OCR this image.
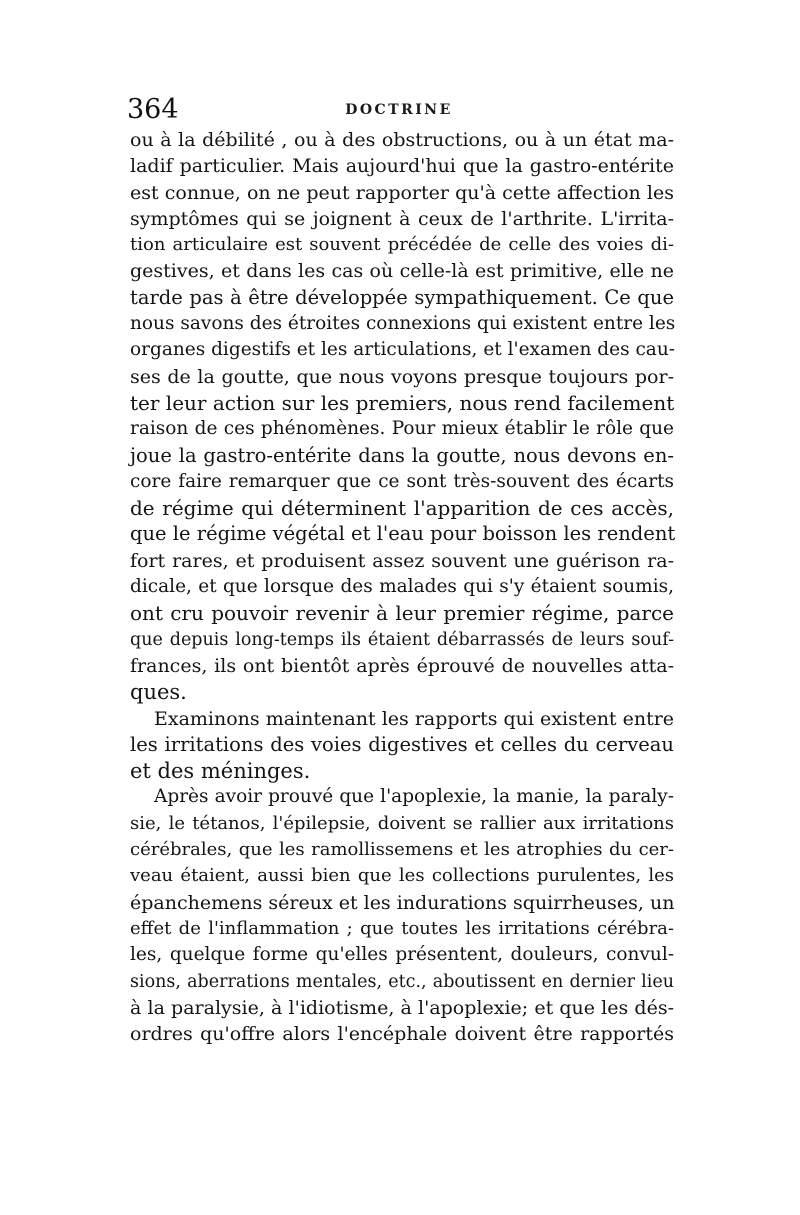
364	DOCTRINE
ou à la débilité , ou à des obstructions, ou à un état ma-
ladif particulier. Mais aujourd'hui que la gastro-entérite
est connue, on ne peut rapporter qu'à cette affection les
symptômes qui se joignent à ceux de l'arthrite. L'irrita-
tion articulaire est souvent précédée de celle des voies di-
gestives, et dans les cas où celle-là est primitive, elle ne
tarde pas à être développée sympathiquement. Ce que
nous savons des étroites connexions qui existent entre les
organes digestifs et les articulations, et l'examen des cau-
ses de la goutte, que nous voyons presque toujours por-
ter leur action sur les premiers, nous rend facilement
raison de ces phénomènes. Pour mieux établir le rôle que
joue la gastro-entérite dans la goutte, nous devons en-
core faire remarquer que ce sont très-souvent des écarts
de régime qui déterminent l'apparition de ces accès,
que le régime végétal et l'eau pour boisson les rendent
fort rares, et produisent assez souvent une guérison ra-
dicale, et que lorsque des malades qui s'y étaient soumis,
ont cru pouvoir revenir à leur premier régime, parce
que depuis long-temps ils étaient débarrassés de leurs souf-
frances, ils ont bientôt après éprouvé de nouvelles atta-
ques.
Examinons maintenant les rapports qui existent entre
les irritations des voies digestives et celles du cerveau
et des méninges.
Après avoir prouvé que l'apoplexie, la manie, la paraly-
sie, le tétanos, l'épilepsie, doivent se rallier aux irritations
cérébrales, que les ramollissemens et les atrophies du cer-
veau étaient, aussi bien que les collections purulentes, les
épanchemens séreux et les indurations squirrheuses, un
effet de l'inflammation ; que toutes les irritations cérébra-
les, quelque forme qu'elles présentent, douleurs, convul-
sions, aberrations mentales, etc., aboutissent en dernier lieu
à la paralysie, à l'idiotisme, à l'apoplexie; et que les dés-
ordres qu'offre alors l'encéphale doivent être rapportés
